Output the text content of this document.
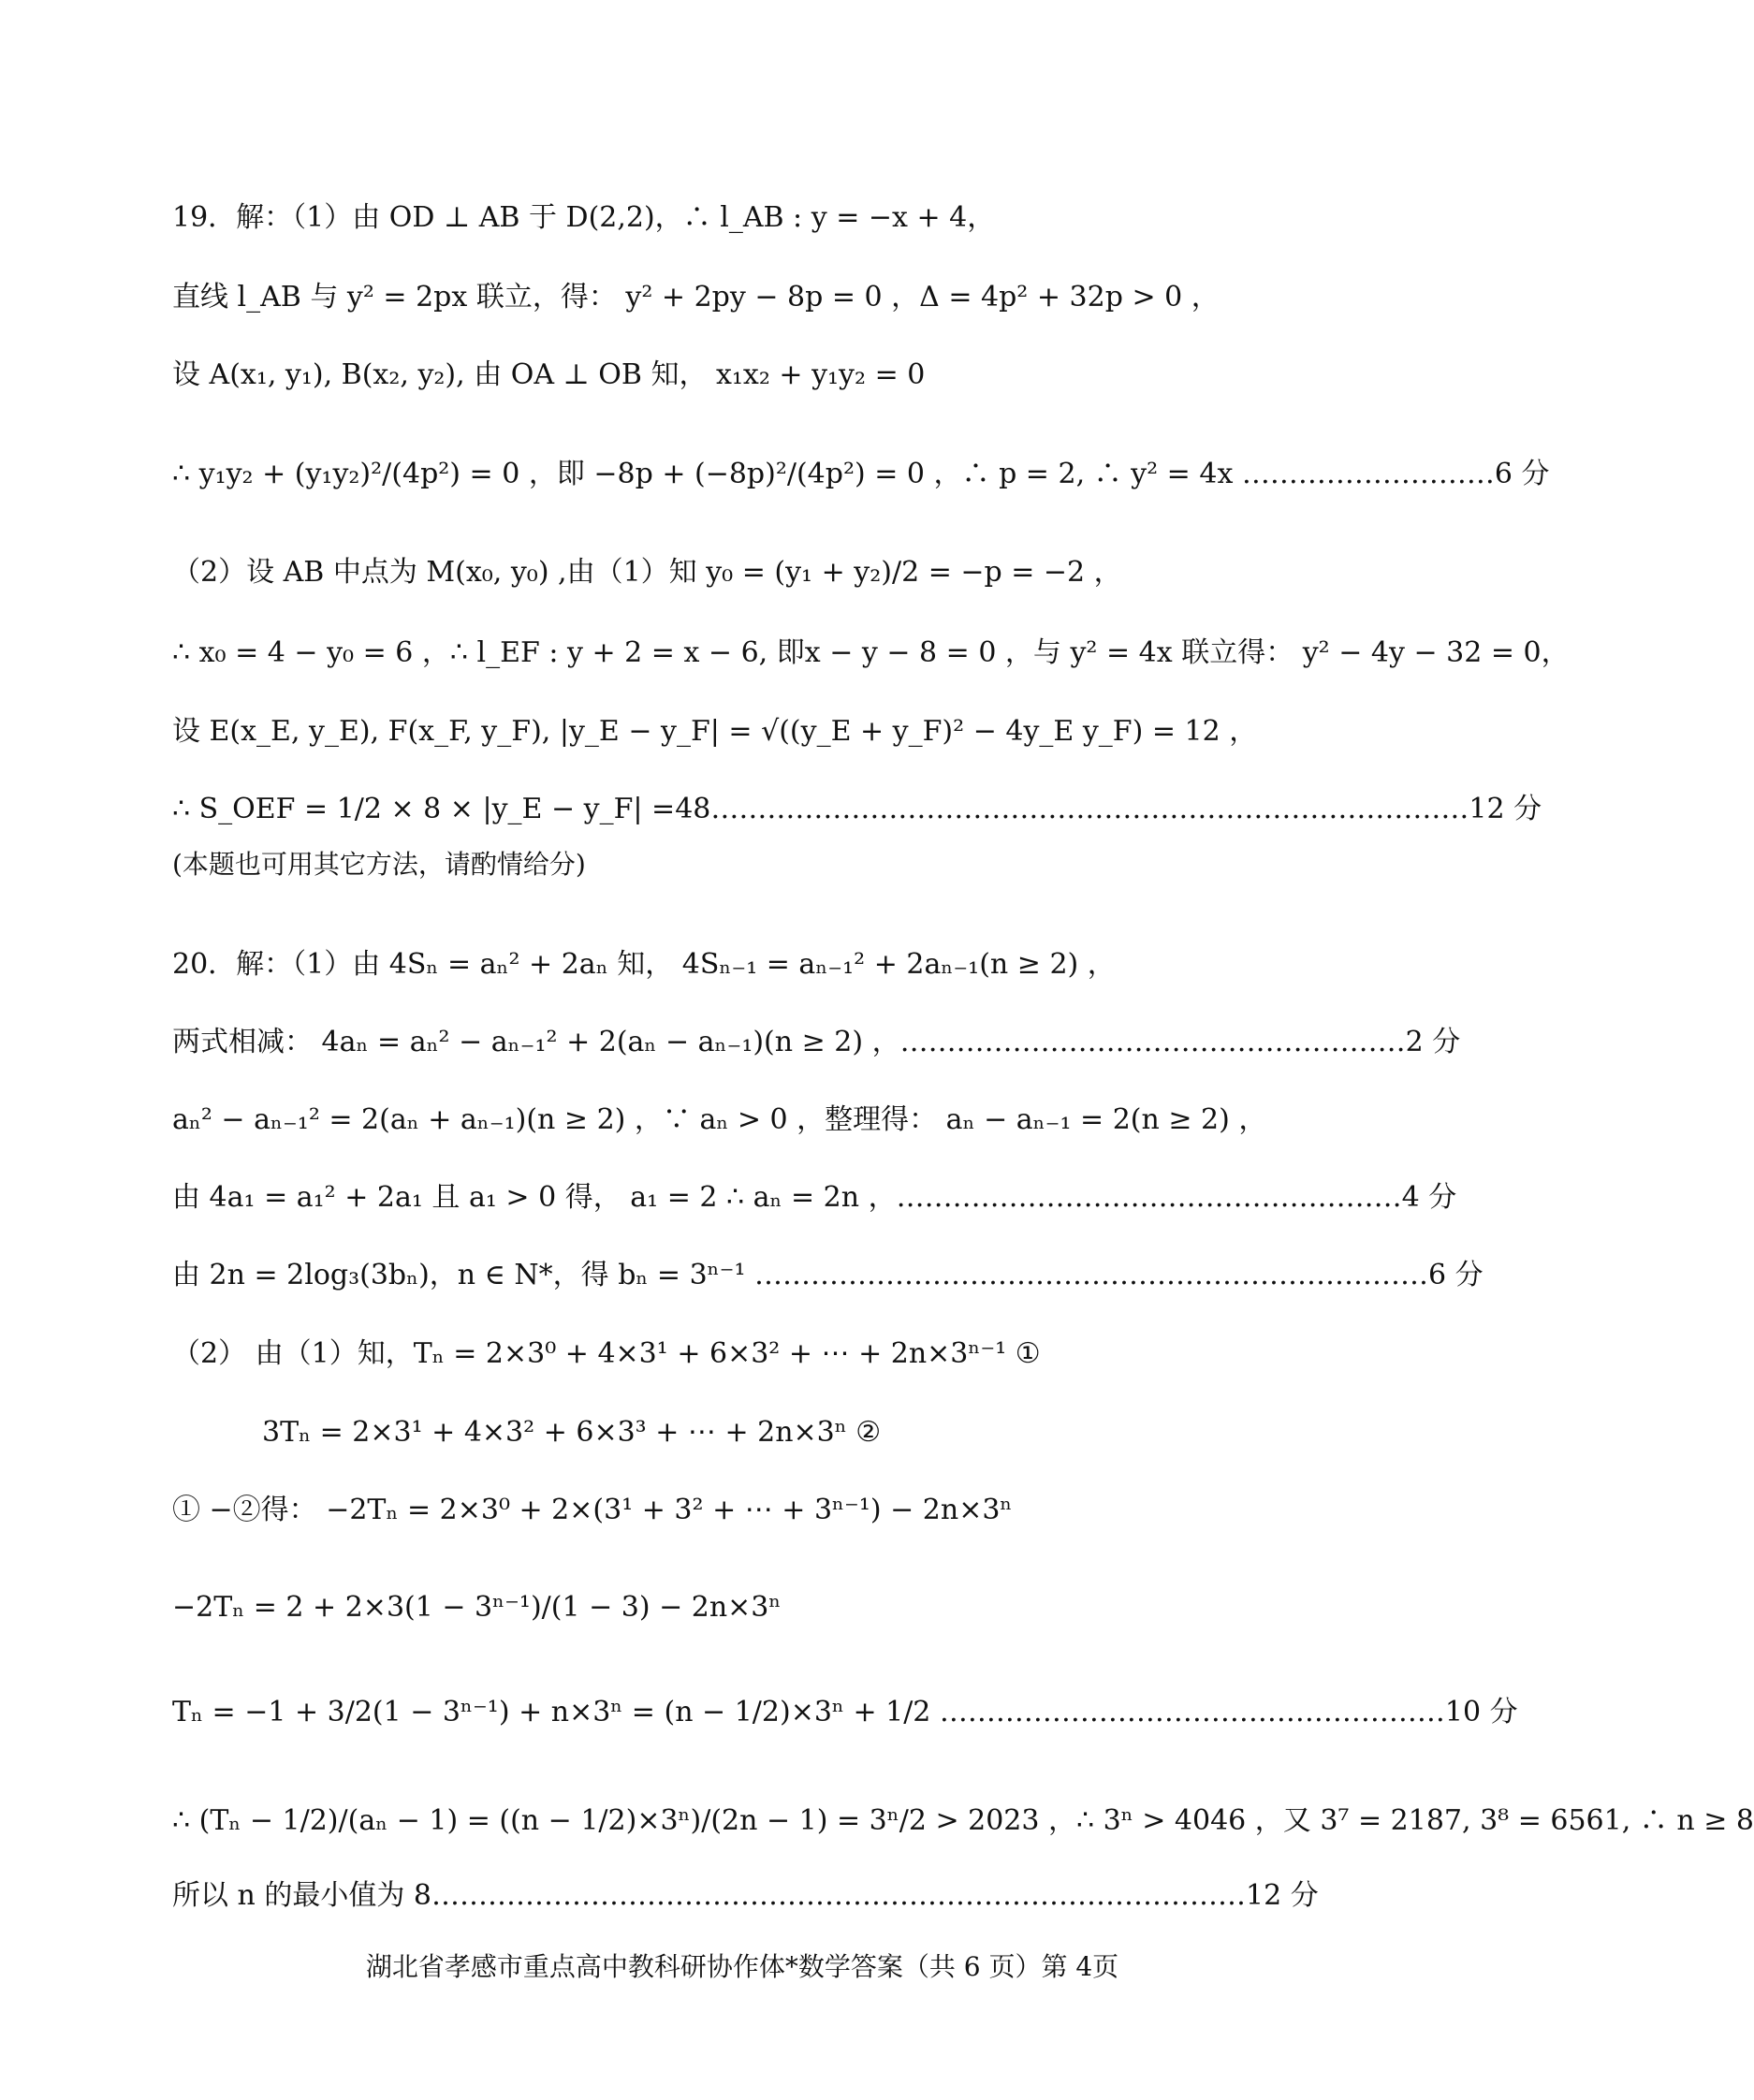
19．解：（1）由 OD ⊥ AB 于 D(2,2)，∴ l_AB : y = −x + 4，
直线 l_AB 与 y² = 2px 联立，得： y² + 2py − 8p = 0 ，Δ = 4p² + 32p > 0 ，
设 A(x₁, y₁), B(x₂, y₂), 由 OA ⊥ OB 知， x₁x₂ + y₁y₂ = 0
∴ y₁y₂ + (y₁y₂)²/(4p²) = 0 ，即 −8p + (−8p)²/(4p²) = 0 ，∴ p = 2, ∴ y² = 4x ………………………6 分
（2）设 AB 中点为 M(x₀, y₀) ,由（1）知 y₀ = (y₁ + y₂)/2 = −p = −2 ，
∴ x₀ = 4 − y₀ = 6 ，∴ l_EF : y + 2 = x − 6, 即x − y − 8 = 0 ，与 y² = 4x 联立得： y² − 4y − 32 = 0，
设 E(x_E, y_E), F(x_F, y_F), |y_E − y_F| = √((y_E + y_F)² − 4y_E y_F) = 12 ，
∴ S_OEF = 1/2 × 8 × |y_E − y_F| =48………………………………………………………………………12 分
(本题也可用其它方法，请酌情给分)
20．解：（1）由 4Sₙ = aₙ² + 2aₙ 知， 4Sₙ₋₁ = aₙ₋₁² + 2aₙ₋₁(n ≥ 2) ，
两式相减： 4aₙ = aₙ² − aₙ₋₁² + 2(aₙ − aₙ₋₁)(n ≥ 2) ，………………………………………………2 分
aₙ² − aₙ₋₁² = 2(aₙ + aₙ₋₁)(n ≥ 2) ，∵ aₙ > 0 ，整理得： aₙ − aₙ₋₁ = 2(n ≥ 2) ，
由 4a₁ = a₁² + 2a₁ 且 a₁ > 0 得， a₁ = 2 ∴ aₙ = 2n ，………………………………………………4 分
由 2n = 2log₃(3bₙ)，n ∈ N*，得 bₙ = 3ⁿ⁻¹ ………………………………………………………………6 分
（2） 由（1）知，Tₙ = 2×3⁰ + 4×3¹ + 6×3² + ⋯ + 2n×3ⁿ⁻¹ ①
3Tₙ = 2×3¹ + 4×3² + 6×3³ + ⋯ + 2n×3ⁿ ②
① −②得： −2Tₙ = 2×3⁰ + 2×(3¹ + 3² + ⋯ + 3ⁿ⁻¹) − 2n×3ⁿ
−2Tₙ = 2 + 2×3(1 − 3ⁿ⁻¹)/(1 − 3) − 2n×3ⁿ
Tₙ = −1 + 3/2(1 − 3ⁿ⁻¹) + n×3ⁿ = (n − 1/2)×3ⁿ + 1/2 ………………………………………………10 分
∴ (Tₙ − 1/2)/(aₙ − 1) = ((n − 1/2)×3ⁿ)/(2n − 1) = 3ⁿ/2 > 2023 ，∴ 3ⁿ > 4046 ，又 3⁷ = 2187, 3⁸ = 6561, ∴ n ≥ 8
所以 n 的最小值为 8……………………………………………………………………………12 分
湖北省孝感市重点高中教科研协作体*数学答案（共 6 页）第 4页
